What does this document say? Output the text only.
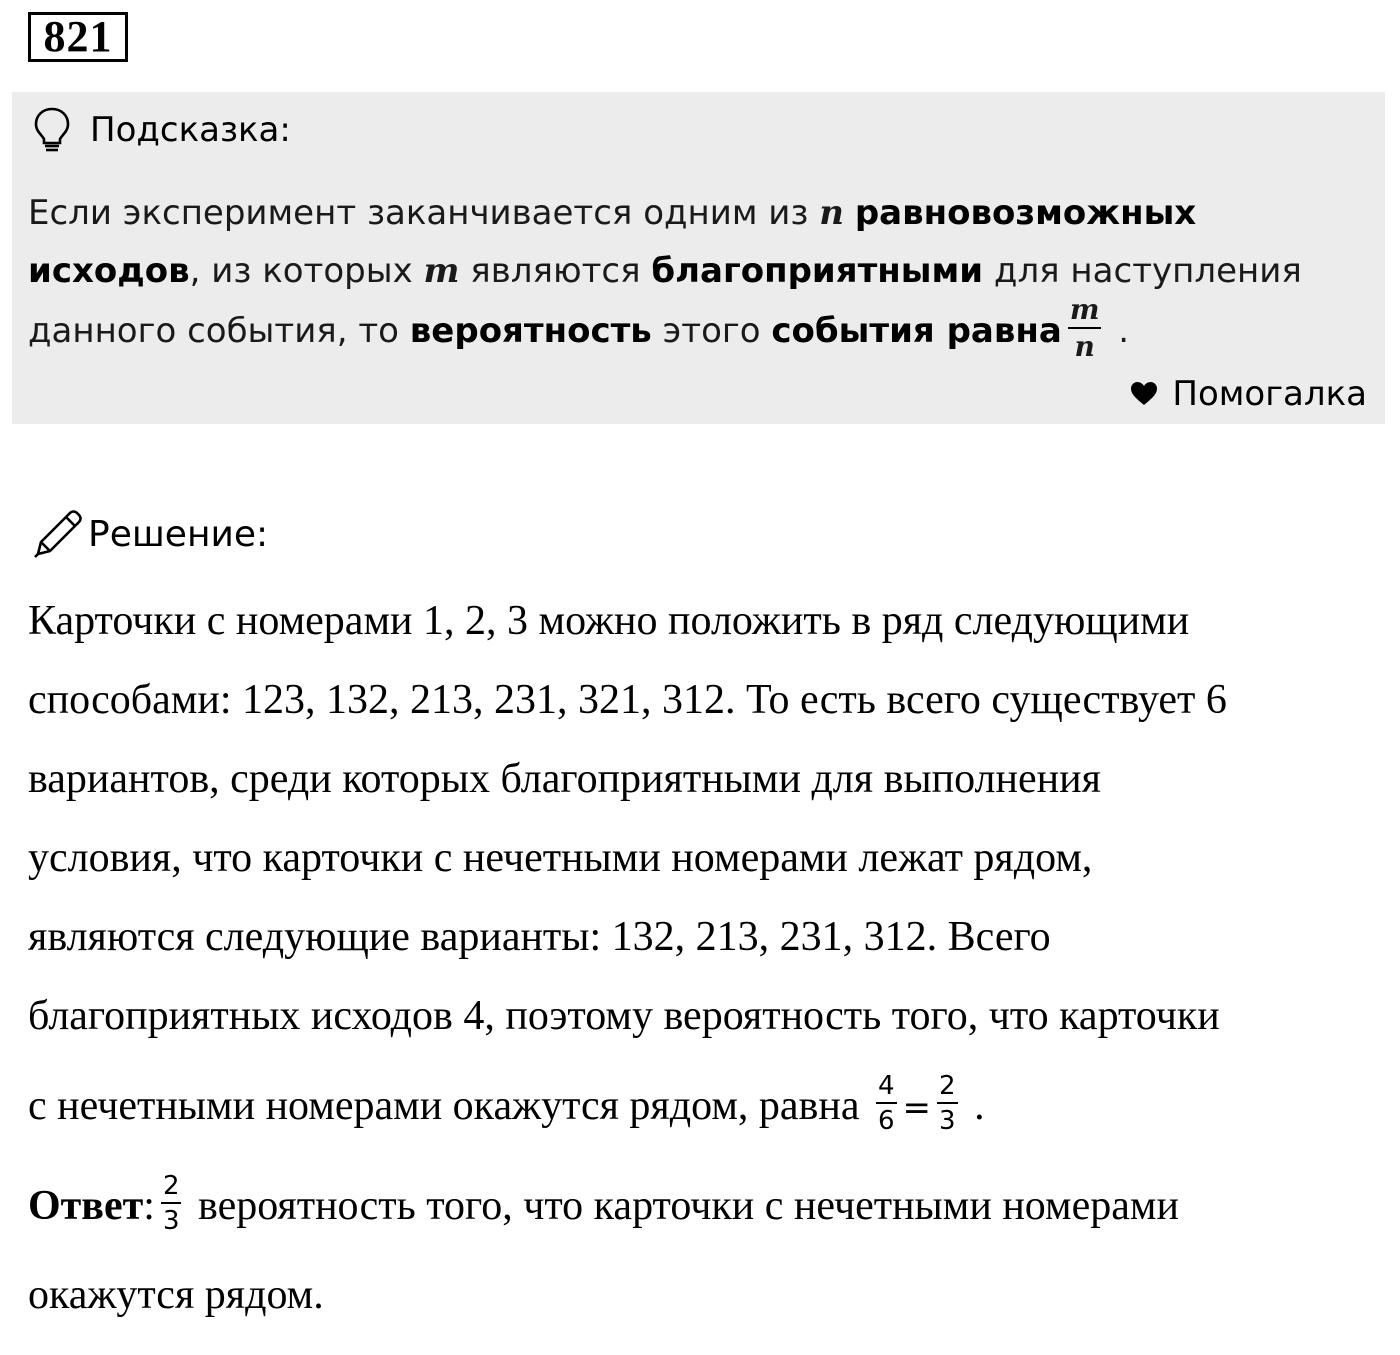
821
Подсказка:
Если эксперимент заканчивается одним из n равновозможных
исходов, из которых m являются благоприятными для наступления
данного события, то вероятность этого события равна $\frac{m}{n}$ .
Помогалка
Решение:
Карточки с номерами 1, 2, 3 можно положить в ряд следующими
способами: 123, 132, 213, 231, 321, 312. То есть всего существует 6
вариантов, среди которых благоприятными для выполнения
условия, что карточки с нечетными номерами лежат рядом,
являются следующие варианты: 132, 213, 231, 312. Всего
благоприятных исходов 4, поэтому вероятность того, что карточки
с нечетными номерами окажутся рядом, равна $\frac{4}{6} = \frac{2}{3}$ .
Ответ: $\frac{2}{3}$ вероятность того, что карточки с нечетными номерами
окажутся рядом.
